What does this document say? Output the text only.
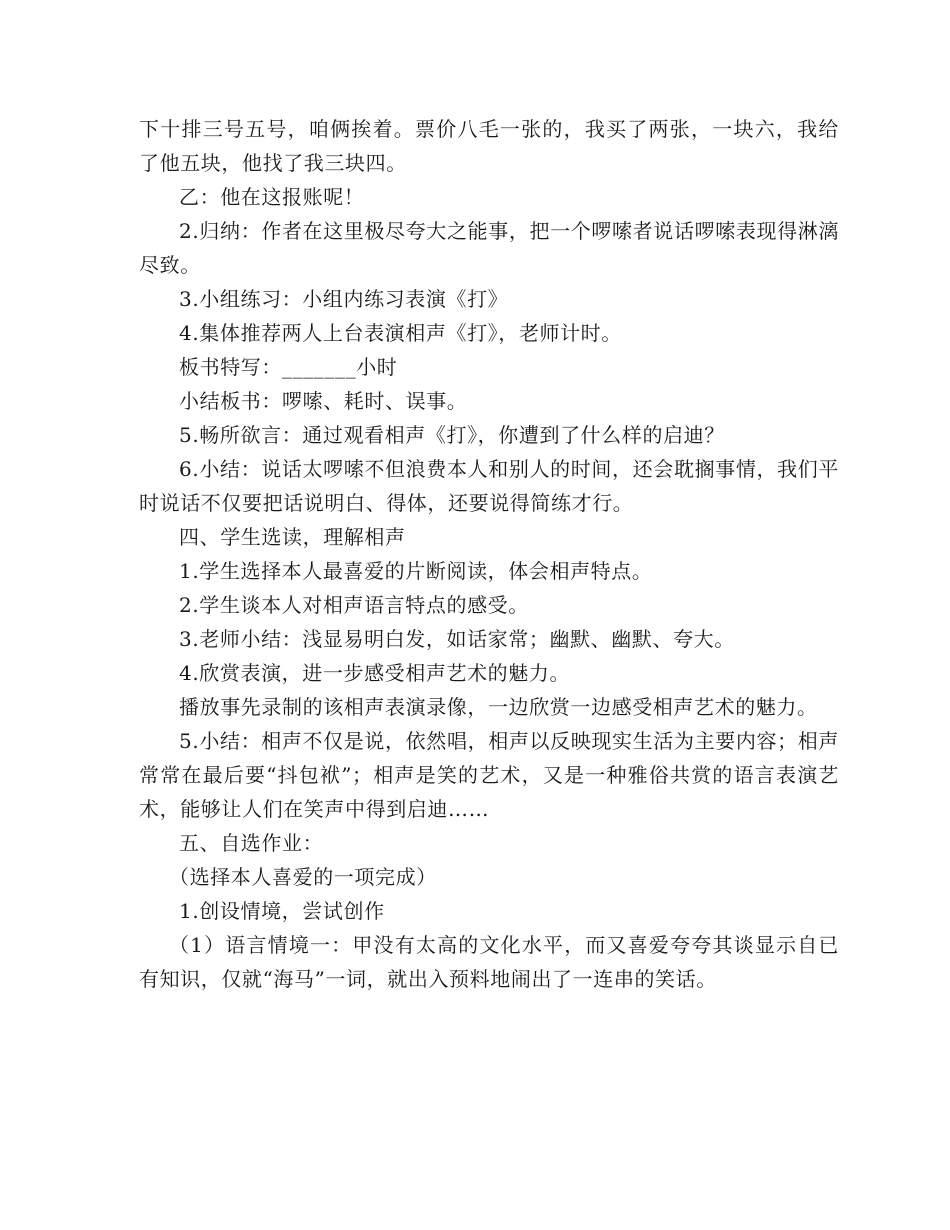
下十排三号五号，咱俩挨着。票价八毛一张的，我买了两张，一块六，我给了他五块，他找了我三块四。

乙：他在这报账呢！

2.归纳：作者在这里极尽夸大之能事，把一个啰嗦者说话啰嗦表现得淋漓尽致。

3.小组练习：小组内练习表演《打》

4.集体推荐两人上台表演相声《打》，老师计时。

板书特写：_______小时

小结板书：啰嗦、耗时、误事。

5.畅所欲言：通过观看相声《打》，你遭到了什么样的启迪？

6.小结：说话太啰嗦不但浪费本人和别人的时间，还会耽搁事情，我们平时说话不仅要把话说明白、得体，还要说得简练才行。

四、学生选读，理解相声

1.学生选择本人最喜爱的片断阅读，体会相声特点。

2.学生谈本人对相声语言特点的感受。

3.老师小结：浅显易明白发，如话家常；幽默、幽默、夸大。

4.欣赏表演，进一步感受相声艺术的魅力。

播放事先录制的该相声表演录像，一边欣赏一边感受相声艺术的魅力。

5.小结：相声不仅是说，依然唱，相声以反映现实生活为主要内容；相声常常在最后要“抖包袱”；相声是笑的艺术，又是一种雅俗共赏的语言表演艺术，能够让人们在笑声中得到启迪……

五、自选作业：

（选择本人喜爱的一项完成）

1.创设情境，尝试创作

（1）语言情境一：甲没有太高的文化水平，而又喜爱夸夸其谈显示自已有知识，仅就“海马”一词，就出入预料地闹出了一连串的笑话。
